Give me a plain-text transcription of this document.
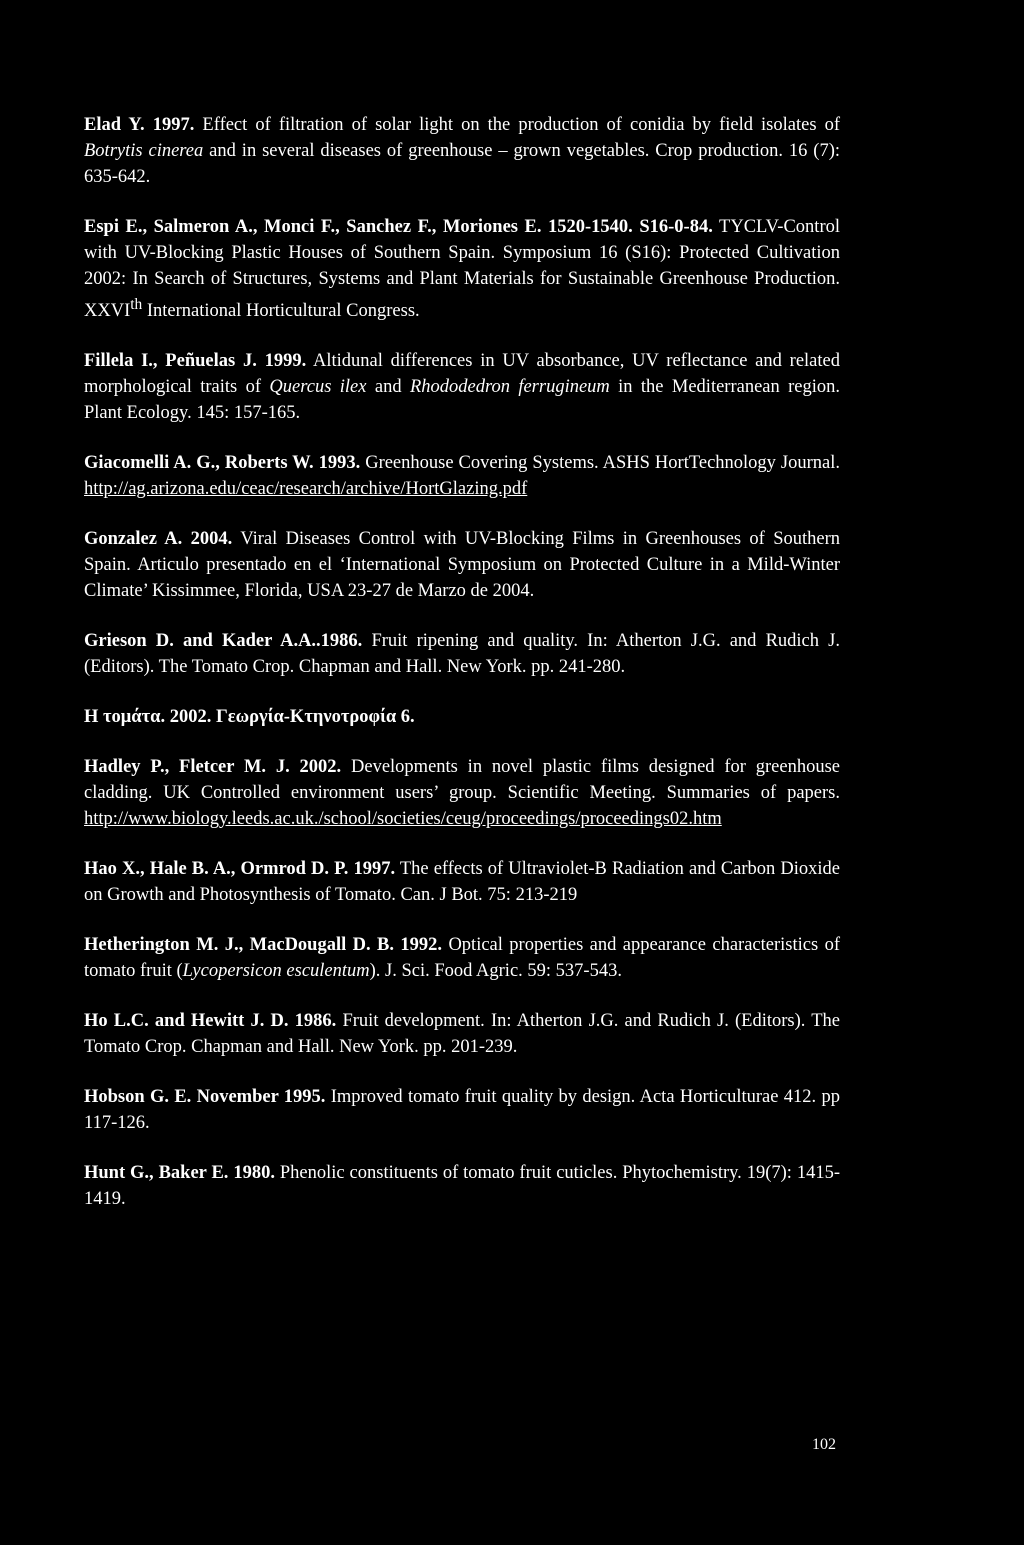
Elad Y. 1997. Effect of filtration of solar light on the production of conidia by field isolates of Botrytis cinerea and in several diseases of greenhouse – grown vegetables. Crop production. 16 (7): 635-642.

Espi E., Salmeron A., Monci F., Sanchez F., Moriones E. 1520-1540. S16-0-84. TYCLV-Control with UV-Blocking Plastic Houses of Southern Spain. Symposium 16 (S16): Protected Cultivation 2002: In Search of Structures, Systems and Plant Materials for Sustainable Greenhouse Production. XXVIth International Horticultural Congress.

Fillela I., Peñuelas J. 1999. Altidunal differences in UV absorbance, UV reflectance and related morphological traits of Quercus ilex and Rhododedron ferrugineum in the Mediterranean region. Plant Ecology. 145: 157-165.

Giacomelli A. G., Roberts W. 1993. Greenhouse Covering Systems. ASHS HortTechnology Journal. http://ag.arizona.edu/ceac/research/archive/HortGlazing.pdf

Gonzalez A. 2004. Viral Diseases Control with UV-Blocking Films in Greenhouses of Southern Spain. Articulo presentado en el ‘International Symposium on Protected Culture in a Mild-Winter Climate’ Kissimmee, Florida, USA 23-27 de Marzo de 2004.

Grieson D. and Kader A.A..1986. Fruit ripening and quality. In: Atherton J.G. and Rudich J. (Editors). The Tomato Crop. Chapman and Hall. New York. pp. 241-280.

Η τομάτα. 2002. Γεωργία-Κτηνοτροφία 6.

Hadley P., Fletcer M. J. 2002. Developments in novel plastic films designed for greenhouse cladding. UK Controlled environment users’ group. Scientific Meeting. Summaries of papers. http://www.biology.leeds.ac.uk./school/societies/ceug/proceedings/proceedings02.htm

Hao X., Hale B. A., Ormrod D. P. 1997. The effects of Ultraviolet-B Radiation and Carbon Dioxide on Growth and Photosynthesis of Tomato. Can. J Bot. 75: 213-219

Hetherington M. J., MacDougall D. B. 1992. Optical properties and appearance characteristics of tomato fruit (Lycopersicon esculentum). J. Sci. Food Agric. 59: 537-543.

Ho L.C. and Hewitt J. D. 1986. Fruit development. In: Atherton J.G. and Rudich J. (Editors). The Tomato Crop. Chapman and Hall. New York. pp. 201-239.

Hobson G. E. November 1995. Improved tomato fruit quality by design. Acta Horticulturae 412. pp 117-126.

Hunt G., Baker E. 1980. Phenolic constituents of tomato fruit cuticles. Phytochemistry. 19(7): 1415-1419.

102
